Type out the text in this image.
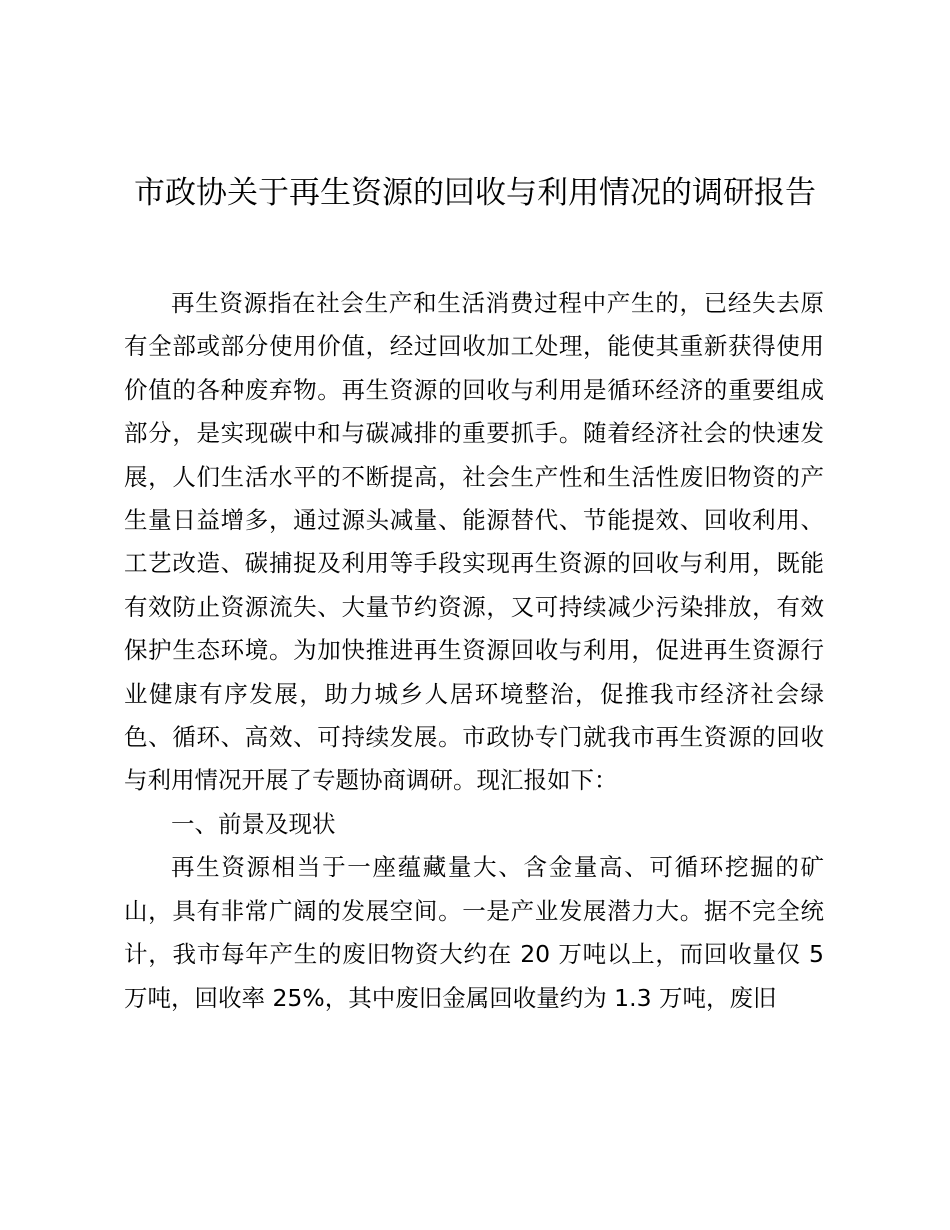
市政协关于再生资源的回收与利用情况的调研报告

再生资源指在社会生产和生活消费过程中产生的，已经失去原有全部或部分使用价值，经过回收加工处理，能使其重新获得使用价值的各种废弃物。再生资源的回收与利用是循环经济的重要组成部分，是实现碳中和与碳减排的重要抓手。随着经济社会的快速发展，人们生活水平的不断提高，社会生产性和生活性废旧物资的产生量日益增多，通过源头减量、能源替代、节能提效、回收利用、工艺改造、碳捕捉及利用等手段实现再生资源的回收与利用，既能有效防止资源流失、大量节约资源，又可持续减少污染排放，有效保护生态环境。为加快推进再生资源回收与利用，促进再生资源行业健康有序发展，助力城乡人居环境整治，促推我市经济社会绿色、循环、高效、可持续发展。市政协专门就我市再生资源的回收与利用情况开展了专题协商调研。现汇报如下：

一、前景及现状

再生资源相当于一座蕴藏量大、含金量高、可循环挖掘的矿山，具有非常广阔的发展空间。一是产业发展潜力大。据不完全统计，我市每年产生的废旧物资大约在 20 万吨以上，而回收量仅 5 万吨，回收率 25%，其中废旧金属回收量约为 1.3 万吨，废旧
